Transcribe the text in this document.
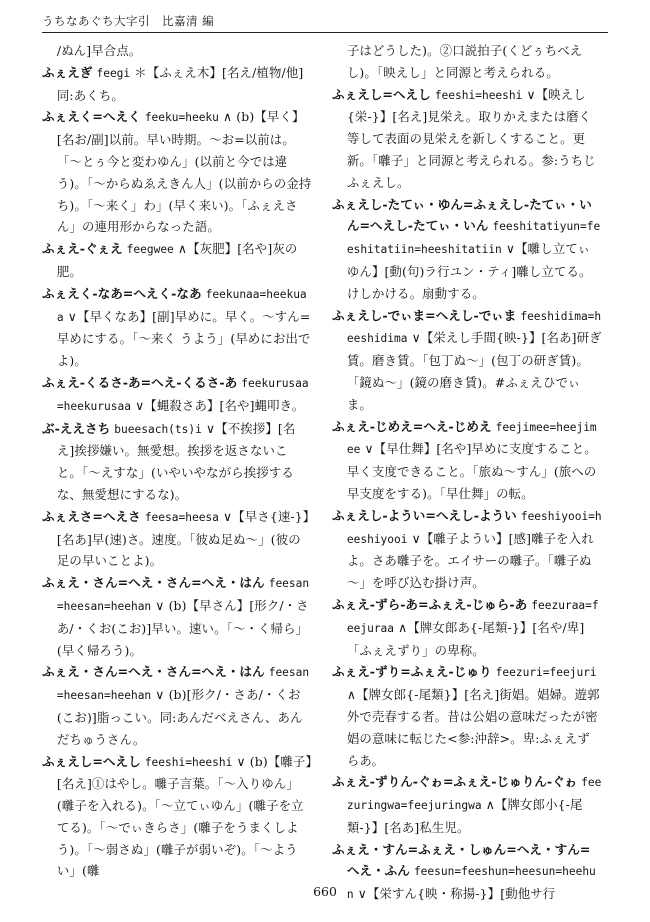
うちなあぐち大字引　比嘉清 編

/ぬん]早合点。

ふぇえぎ feegi ＊【ふぇえ木】[名え/植物/他]同:あくち。

ふぇえく=へえく feeku=heeku ∧ (b)【早く】[名お/副]以前。早い時期。～お=以前は。「～とぅ今と変わゆん」(以前と今では違う)。「～からぬゑえきん人」(以前からの金持ち)。「～来く」わ」(早く来い)。「ふぇえさん」の連用形からなった語。

ふぇえ-ぐぇえ feegwee ∧【灰肥】[名や]灰の肥。

ふぇえく-なあ=へえく-なあ feekunaa=heekuaa ∨【早くなあ】[副]早めに。早く。～すん=早めにする。「～来く うよう」(早めにお出でよ)。

ふぇえ-くるさ-あ=へえ-くるさ-あ feekurusaa=heekurusaa ∨【蝿殺さあ】[名や]蝿叩き。

ぶ-ええさち bueesach(ts)i ∨【不挨拶】[名え]挨拶嫌い。無愛想。挨拶を返さないこと。「～えすな」(いやいやながら挨拶するな、無愛想にするな)。

ふぇえさ=へえさ feesa=heesa ∨【早さ{速-}】[名あ]早(速)さ。速度。「彼ぬ足ぬ～」(彼の足の早いことよ)。

ふぇえ・さん=へえ・さん=へえ・はん feesan=heesan=heehan ∨ (b)【早さん】[形ク/・さあ/・くお(こお)]早い。速い。「～・く帰ら」(早く帰ろう)。

ふぇえ・さん=へえ・さん=へえ・はん feesan=heesan=heehan ∨ (b)[形ク/・さあ/・くお(こお)]脂っこい。同:あんだべえさん、あんだちゅうさん。

ふぇえし=へえし feeshi=heeshi ∨ (b)【囃子】[名え]①はやし。囃子言葉。「～入りゆん」(囃子を入れる)。「～立てぃゆん」(囃子を立てる)。「～でぃきらさ」(囃子をうまくしよう)。「～弱さぬ」(囃子が弱いぞ)。「～ようい」(囃

子はどうした)。②口説拍子(くどぅちべえし)。「映えし」と同源と考えられる。

ふぇえし=へえし feeshi=heeshi ∨【映えし{栄-}】[名え]見栄え。取りかえまたは磨く等して表面の見栄えを新しくすること。更新。「囃子」と同源と考えられる。参:うちじふぇえし。

ふぇえし-たてぃ・ゆん=ふぇえし-たてぃ・いん=へえし-たてぃ・いん feeshitatiyun=feeshitatiin=heeshitatiin ∨【囃し立てぃゆん】[動(句)ラ行ユン・ティ]囃し立てる。けしかける。扇動する。

ふぇえし-でぃま=へえし-でぃま feeshidima=heeshidima ∨【栄えし手間{映-}】[名あ]研ぎ賃。磨き賃。「包丁ぬ～」(包丁の研ぎ賃)。「鏡ぬ～」(鏡の磨き賃)。#ふぇえひでぃま。

ふぇえ-じめえ=へえ-じめえ feejimee=heejimee ∨【早仕舞】[名や]早めに支度すること。早く支度できること。「旅ぬ～すん」(旅への早支度をする)。「早仕舞」の転。

ふぇえし-ようい=へえし-ようい feeshiyooi=heeshiyooi ∨【囃子ようい】[感]囃子を入れよ。さあ囃子を。エイサーの囃子。「囃子ぬ～」を呼び込む掛け声。

ふぇえ-ずら-あ=ふぇえ-じゅら-あ feezuraa=feejuraa ∧【牌女郎あ{-尾類-}】[名や/卑]「ふぇえずり」の卑称。

ふぇえ-ずり=ふぇえ-じゅり feezuri=feejuri ∧【牌女郎{-尾類}】[名え]街娼。娼婦。遊郭外で売春する者。昔は公娼の意味だったが密娼の意味に転じた<参:沖辞>。卑:ふぇえずらあ。

ふぇえ-ずりん-ぐゎ=ふぇえ-じゅりん-ぐゎ feezuringwa=feejuringwa ∧【牌女郎小{-尾類-}】[名あ]私生児。

ふぇえ・すん=ふぇえ・しゅん=へえ・すん=へえ・ふん feesun=feeshun=heesun=heehun ∨【栄すん{映・称揚-}】[動他サ行

660
